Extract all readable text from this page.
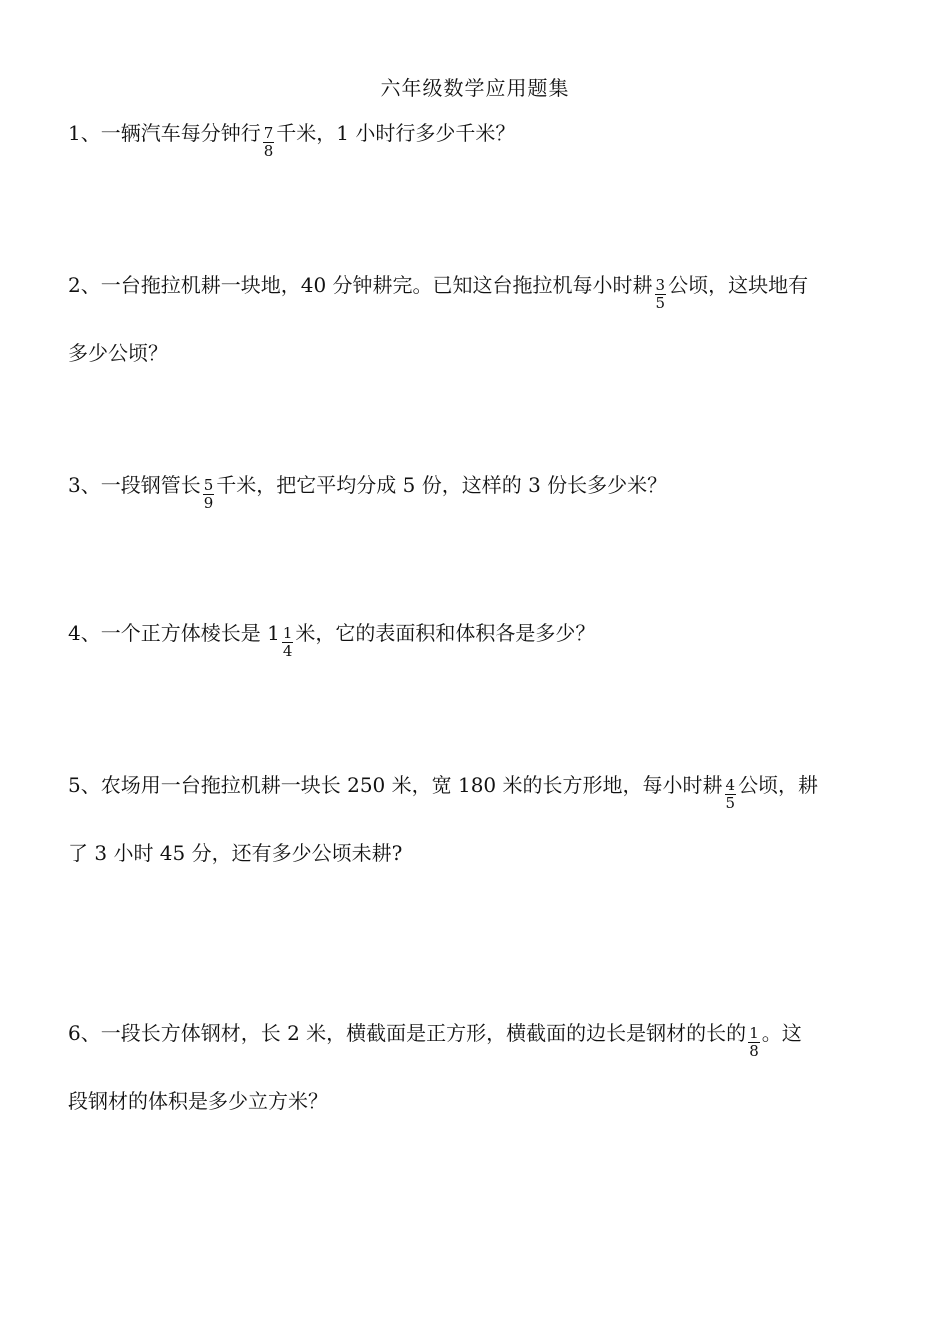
六年级数学应用题集
1、一辆汽车每分钟行 $\frac{7}{8}$ 千米，1 小时行多少千米？
2、一台拖拉机耕一块地，40 分钟耕完。已知这台拖拉机每小时耕 $\frac{3}{5}$ 公顷，这块地有
多少公顷？
3、一段钢管长 $\frac{5}{9}$ 千米，把它平均分成 5 份，这样的 3 份长多少米？
4、一个正方体棱长是 $1 \frac{1}{4}$ 米，它的表面积和体积各是多少？
5、农场用一台拖拉机耕一块长 250 米，宽 180 米的长方形地，每小时耕 $\frac{4}{5}$ 公顷，耕
了 3 小时 45 分，还有多少公顷未耕?
6、一段长方体钢材，长 2 米，横截面是正方形，横截面的边长是钢材的长的 $\frac{1}{8}$ 。这
段钢材的体积是多少立方米？
